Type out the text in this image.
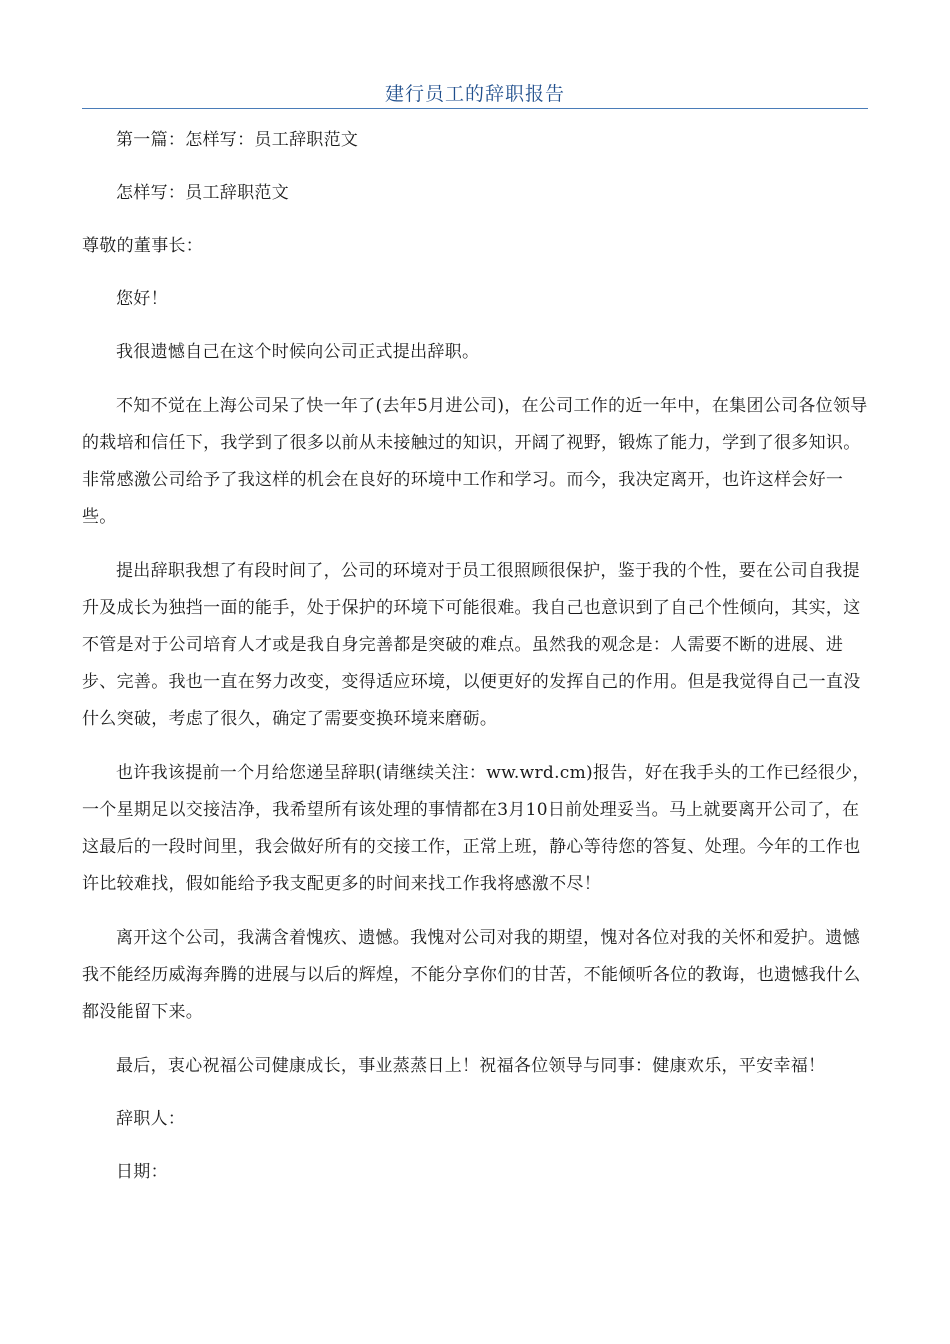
建行员工的辞职报告

第一篇：怎样写：员工辞职范文

怎样写：员工辞职范文

尊敬的董事长：

您好！

我很遗憾自己在这个时候向公司正式提出辞职。

不知不觉在上海公司呆了快一年了(去年5月进公司)，在公司工作的近一年中，在集团公司各位领导的栽培和信任下，我学到了很多以前从未接触过的知识，开阔了视野，锻炼了能力，学到了很多知识。非常感激公司给予了我这样的机会在良好的环境中工作和学习。而今，我决定离开，也许这样会好一些。

提出辞职我想了有段时间了，公司的环境对于员工很照顾很保护，鉴于我的个性，要在公司自我提升及成长为独挡一面的能手，处于保护的环境下可能很难。我自己也意识到了自己个性倾向，其实，这不管是对于公司培育人才或是我自身完善都是突破的难点。虽然我的观念是：人需要不断的进展、进步、完善。我也一直在努力改变，变得适应环境，以便更好的发挥自己的作用。但是我觉得自己一直没什么突破，考虑了很久，确定了需要变换环境来磨砺。

也许我该提前一个月给您递呈辞职(请继续关注：ww.wrd.cm)报告，好在我手头的工作已经很少，一个星期足以交接洁净，我希望所有该处理的事情都在3月10日前处理妥当。马上就要离开公司了，在这最后的一段时间里，我会做好所有的交接工作，正常上班，静心等待您的答复、处理。今年的工作也许比较难找，假如能给予我支配更多的时间来找工作我将感激不尽！

离开这个公司，我满含着愧疚、遗憾。我愧对公司对我的期望，愧对各位对我的关怀和爱护。遗憾我不能经历威海奔腾的进展与以后的辉煌，不能分享你们的甘苦，不能倾听各位的教诲，也遗憾我什么都没能留下来。

最后，衷心祝福公司健康成长，事业蒸蒸日上！祝福各位领导与同事：健康欢乐，平安幸福！

辞职人：

日期：
